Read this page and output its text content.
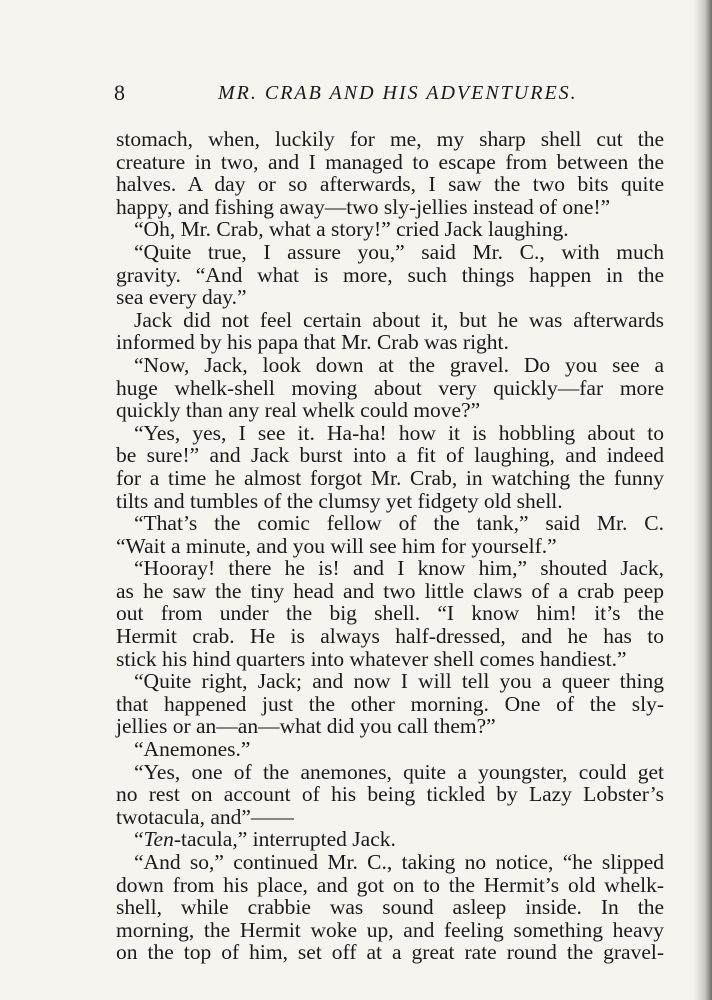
8	MR. CRAB AND HIS ADVENTURES.
stomach, when, luckily for me, my sharp shell cut the
creature in two, and I managed to escape from between the
halves. A day or so afterwards, I saw the two bits quite
happy, and fishing away—two sly-jellies instead of one!”
“Oh, Mr. Crab, what a story!” cried Jack laughing.
“Quite true, I assure you,” said Mr. C., with much
gravity. “And what is more, such things happen in the
sea every day.”
Jack did not feel certain about it, but he was afterwards
informed by his papa that Mr. Crab was right.
“Now, Jack, look down at the gravel. Do you see a
huge whelk-shell moving about very quickly—far more
quickly than any real whelk could move?”
“Yes, yes, I see it. Ha-ha! how it is hobbling about to
be sure!” and Jack burst into a fit of laughing, and indeed
for a time he almost forgot Mr. Crab, in watching the funny
tilts and tumbles of the clumsy yet fidgety old shell.
“That’s the comic fellow of the tank,” said Mr. C.
“Wait a minute, and you will see him for yourself.”
“Hooray! there he is! and I know him,” shouted Jack,
as he saw the tiny head and two little claws of a crab peep
out from under the big shell. “I know him! it’s the
Hermit crab. He is always half-dressed, and he has to
stick his hind quarters into whatever shell comes handiest.”
“Quite right, Jack; and now I will tell you a queer thing
that happened just the other morning. One of the sly-
jellies or an—an—what did you call them?”
“Anemones.”
“Yes, one of the anemones, quite a youngster, could get
no rest on account of his being tickled by Lazy Lobster’s
twotacula, and”——
“Ten-tacula,” interrupted Jack.
“And so,” continued Mr. C., taking no notice, “he slipped
down from his place, and got on to the Hermit’s old whelk-
shell, while crabbie was sound asleep inside. In the
morning, the Hermit woke up, and feeling something heavy
on the top of him, set off at a great rate round the gravel-
